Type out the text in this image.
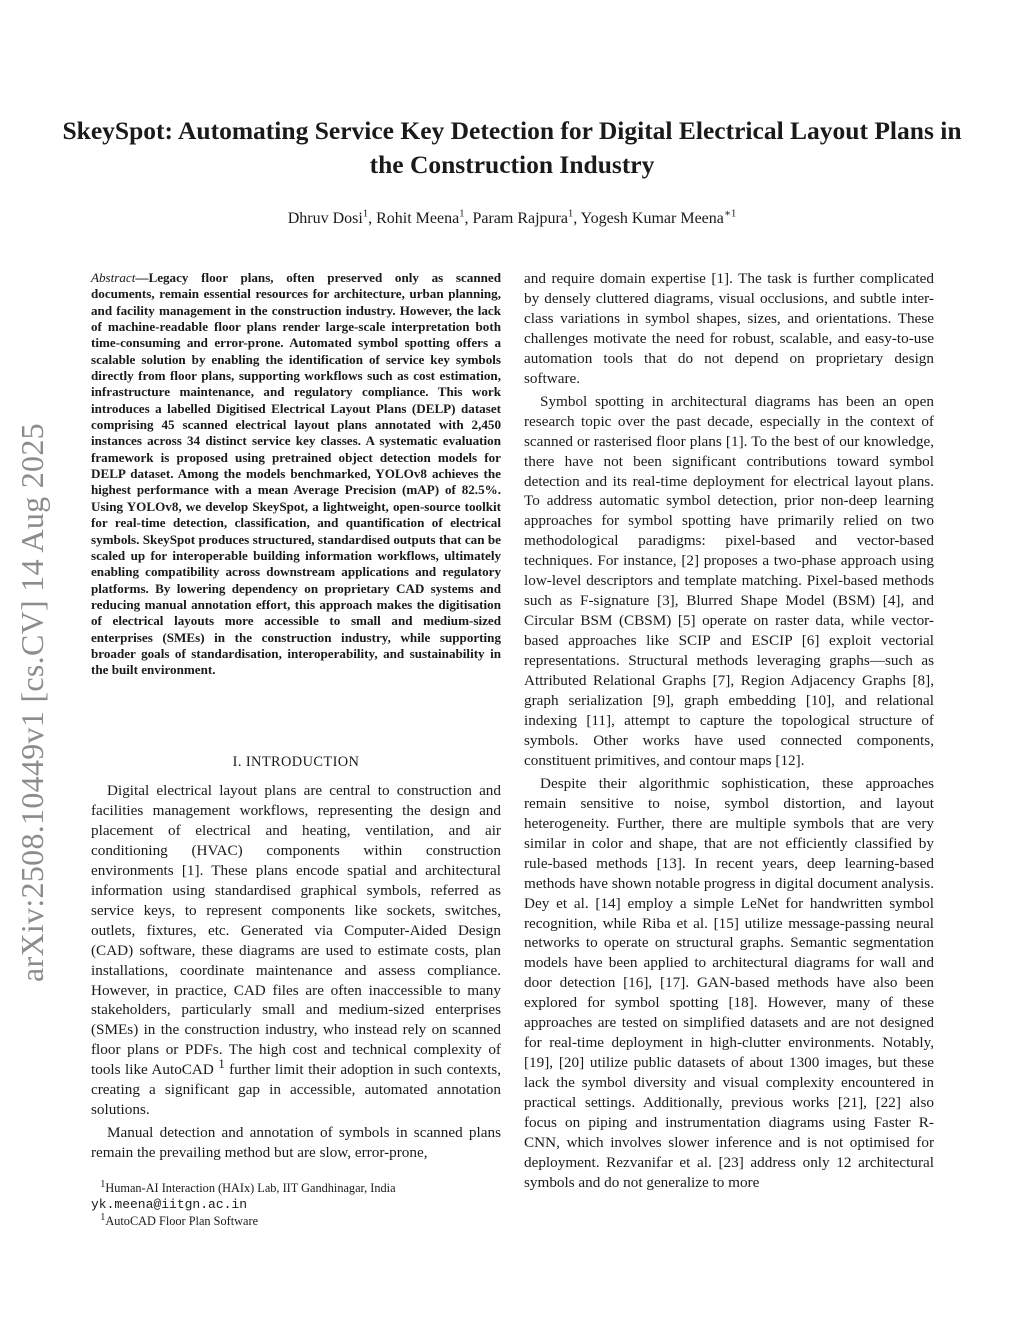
arXiv:2508.10449v1 [cs.CV] 14 Aug 2025
SkeySpot: Automating Service Key Detection for Digital Electrical Layout Plans in the Construction Industry
Dhruv Dosi$^1$, Rohit Meena$^1$, Param Rajpura$^1$, Yogesh Kumar Meena$^{∗1}$
Abstract—Legacy floor plans, often preserved only as scanned documents, remain essential resources for architecture, urban planning, and facility management in the construction industry. However, the lack of machine-readable floor plans render large-scale interpretation both time-consuming and error-prone. Automated symbol spotting offers a scalable solution by enabling the identification of service key symbols directly from floor plans, supporting workflows such as cost estimation, infrastructure maintenance, and regulatory compliance. This work introduces a labelled Digitised Electrical Layout Plans (DELP) dataset comprising 45 scanned electrical layout plans annotated with 2,450 instances across 34 distinct service key classes. A systematic evaluation framework is proposed using pretrained object detection models for DELP dataset. Among the models benchmarked, YOLOv8 achieves the highest performance with a mean Average Precision (mAP) of 82.5%. Using YOLOv8, we develop SkeySpot, a lightweight, open-source toolkit for real-time detection, classification, and quantification of electrical symbols. SkeySpot produces structured, standardised outputs that can be scaled up for interoperable building information workflows, ultimately enabling compatibility across downstream applications and regulatory platforms. By lowering dependency on proprietary CAD systems and reducing manual annotation effort, this approach makes the digitisation of electrical layouts more accessible to small and medium-sized enterprises (SMEs) in the construction industry, while supporting broader goals of standardisation, interoperability, and sustainability in the built environment.
I. INTRODUCTION

Digital electrical layout plans are central to construction and facilities management workflows, representing the design and placement of electrical and heating, ventilation, and air conditioning (HVAC) components within construction environments [1]. These plans encode spatial and architectural information using standardised graphical symbols, referred as service keys, to represent components like sockets, switches, outlets, fixtures, etc. Generated via Computer-Aided Design (CAD) software, these diagrams are used to estimate costs, plan installations, coordinate maintenance and assess compliance. However, in practice, CAD files are often inaccessible to many stakeholders, particularly small and medium-sized enterprises (SMEs) in the construction industry, who instead rely on scanned floor plans or PDFs. The high cost and technical complexity of tools like AutoCAD $^1$ further limit their adoption in such contexts, creating a significant gap in accessible, automated annotation solutions.

Manual detection and annotation of symbols in scanned plans remain the prevailing method but are slow, error-prone,

$^1$Human-AI Interaction (HAIx) Lab, IIT Gandhinagar, India
yk.meena@iitgn.ac.in
$^1$AutoCAD Floor Plan Software

and require domain expertise [1]. The task is further complicated by densely cluttered diagrams, visual occlusions, and subtle inter-class variations in symbol shapes, sizes, and orientations. These challenges motivate the need for robust, scalable, and easy-to-use automation tools that do not depend on proprietary design software.

Symbol spotting in architectural diagrams has been an open research topic over the past decade, especially in the context of scanned or rasterised floor plans [1]. To the best of our knowledge, there have not been significant contributions toward symbol detection and its real-time deployment for electrical layout plans. To address automatic symbol detection, prior non-deep learning approaches for symbol spotting have primarily relied on two methodological paradigms: pixel-based and vector-based techniques. For instance, [2] proposes a two-phase approach using low-level descriptors and template matching. Pixel-based methods such as F-signature [3], Blurred Shape Model (BSM) [4], and Circular BSM (CBSM) [5] operate on raster data, while vector-based approaches like SCIP and ESCIP [6] exploit vectorial representations. Structural methods leveraging graphs—such as Attributed Relational Graphs [7], Region Adjacency Graphs [8], graph serialization [9], graph embedding [10], and relational indexing [11], attempt to capture the topological structure of symbols. Other works have used connected components, constituent primitives, and contour maps [12].

Despite their algorithmic sophistication, these approaches remain sensitive to noise, symbol distortion, and layout heterogeneity. Further, there are multiple symbols that are very similar in color and shape, that are not efficiently classified by rule-based methods [13]. In recent years, deep learning-based methods have shown notable progress in digital document analysis. Dey et al. [14] employ a simple LeNet for handwritten symbol recognition, while Riba et al. [15] utilize message-passing neural networks to operate on structural graphs. Semantic segmentation models have been applied to architectural diagrams for wall and door detection [16], [17]. GAN-based methods have also been explored for symbol spotting [18]. However, many of these approaches are tested on simplified datasets and are not designed for real-time deployment in high-clutter environments. Notably, [19], [20] utilize public datasets of about 1300 images, but these lack the symbol diversity and visual complexity encountered in practical settings. Additionally, previous works [21], [22] also focus on piping and instrumentation diagrams using Faster R-CNN, which involves slower inference and is not optimised for deployment. Rezvanifar et al. [23] address only 12 architectural symbols and do not generalize to more
